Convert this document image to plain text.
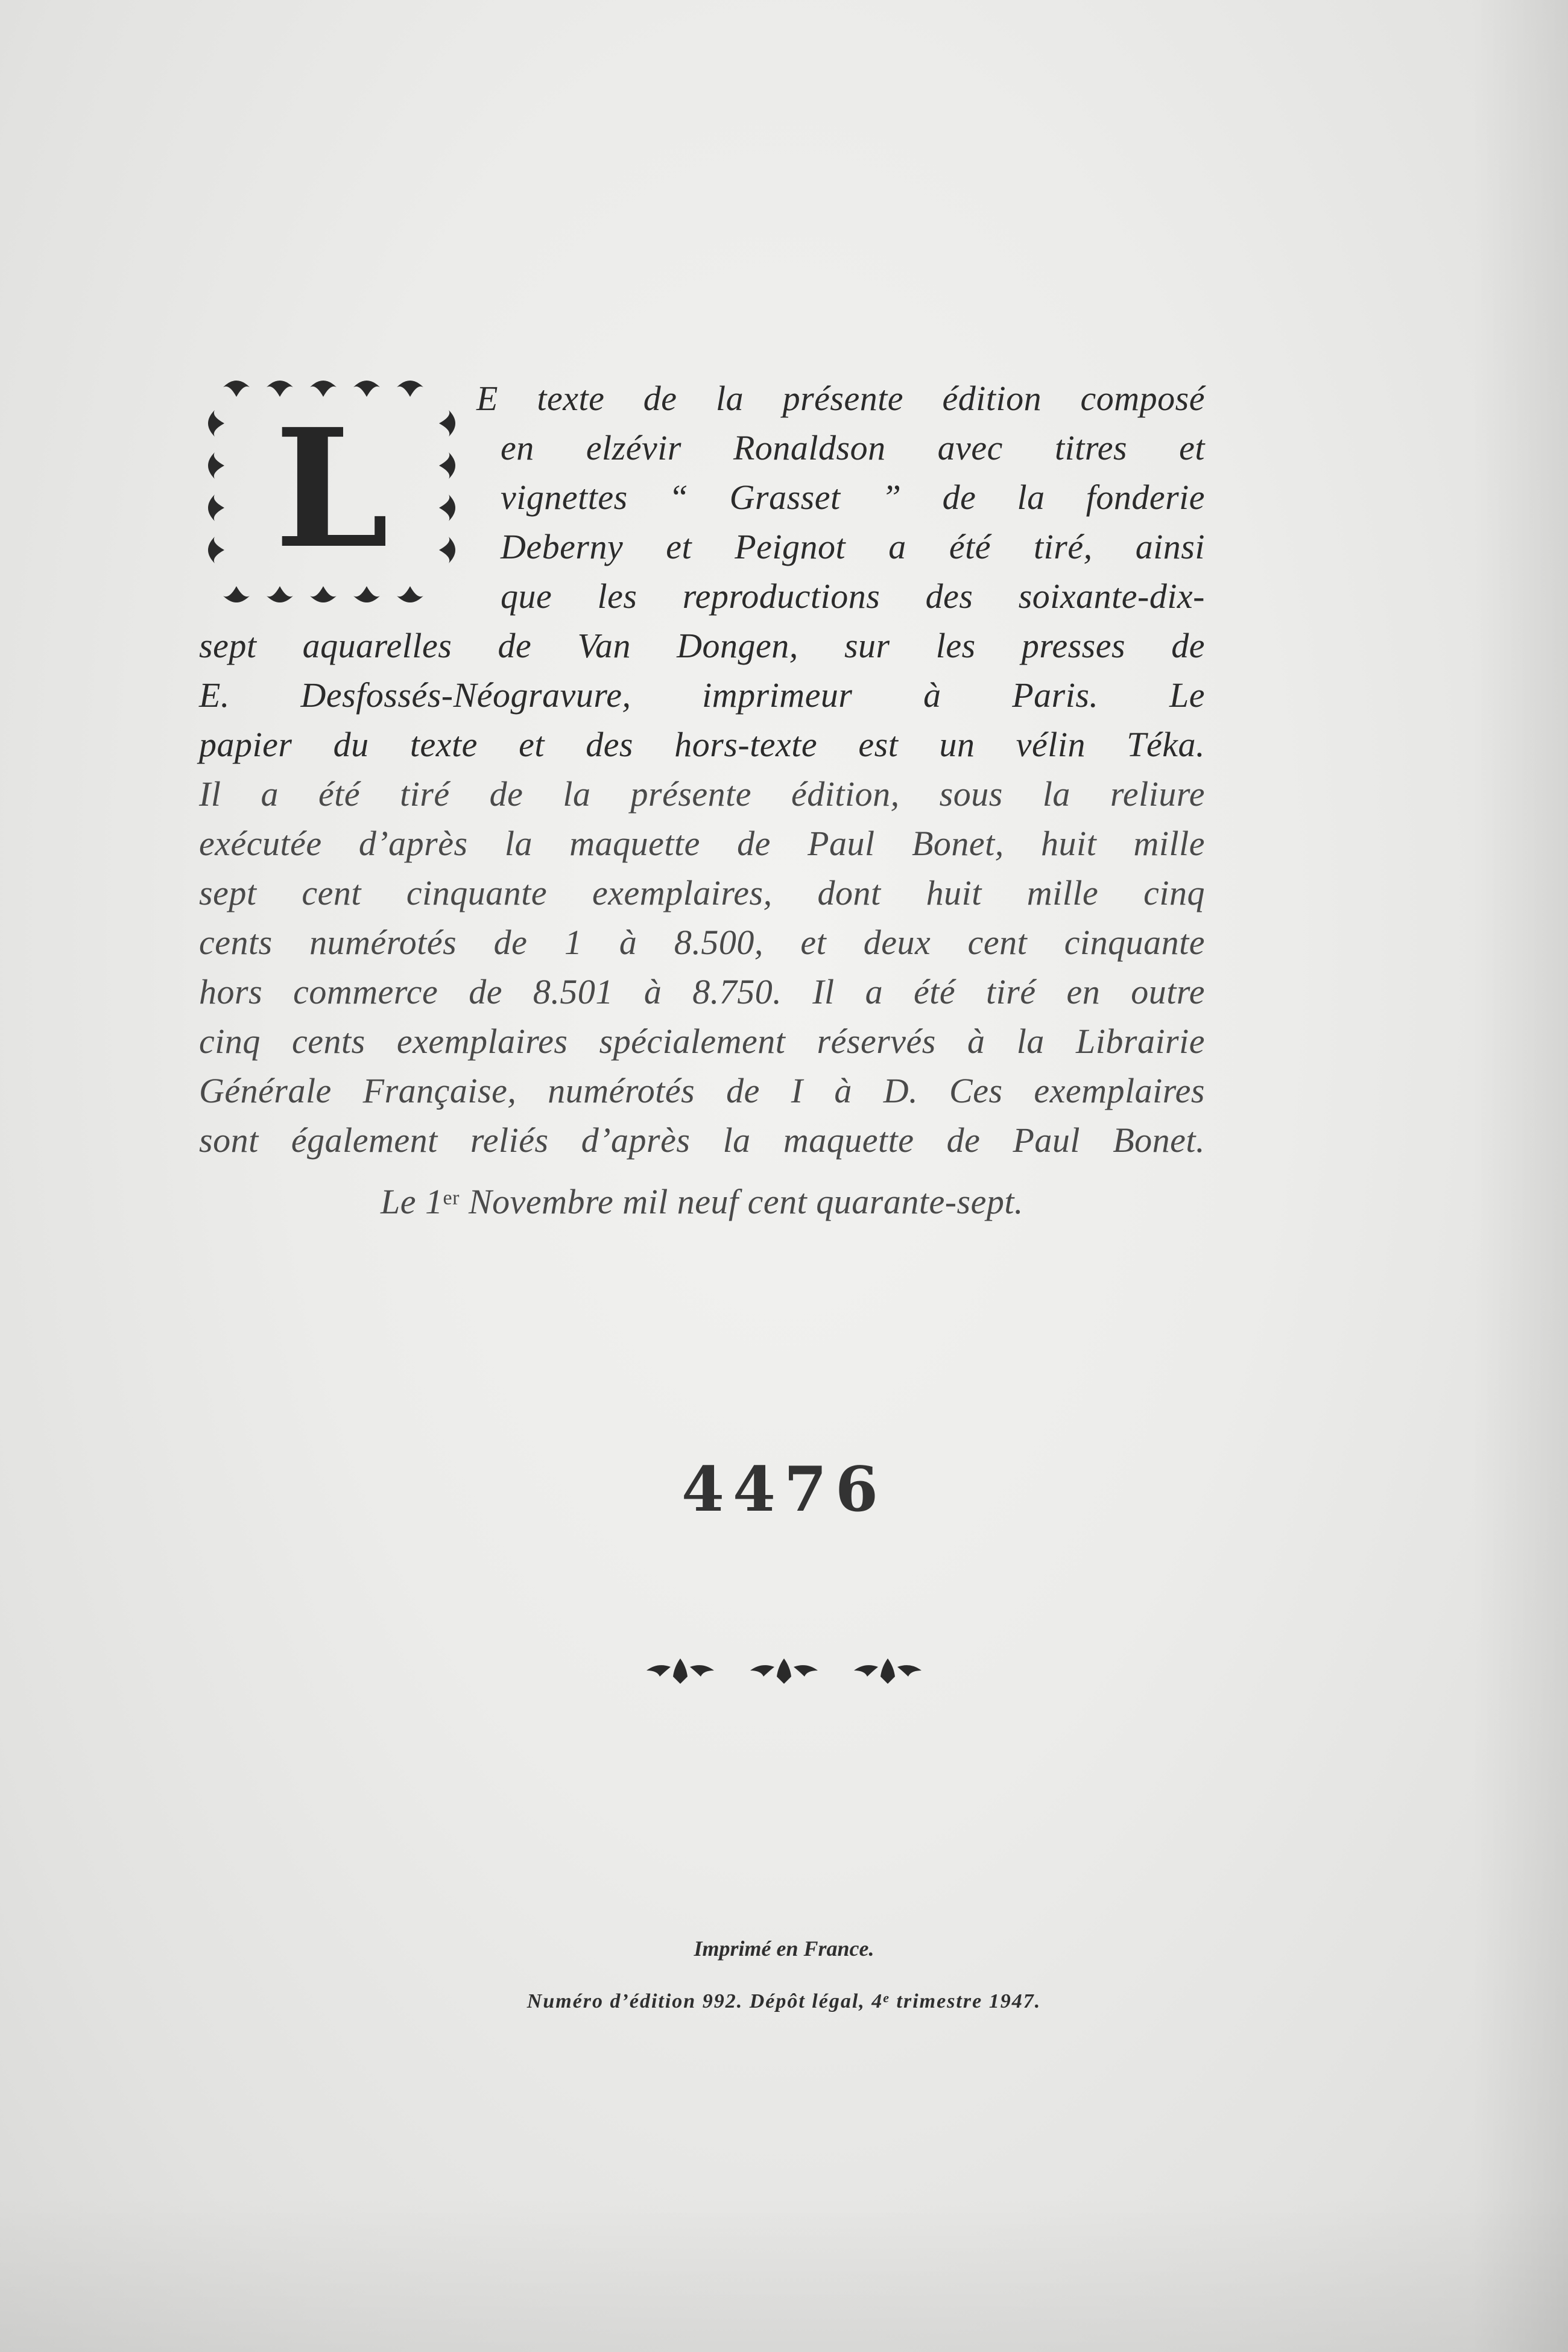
L	E texte de la présente édition composé
en elzévir Ronaldson avec titres et
vignettes “ Grasset ” de la fonderie
Deberny et Peignot a été tiré, ainsi
que les reproductions des soixante-dix-
sept aquarelles de Van Dongen, sur les presses de
E. Desfossés-Néogravure, imprimeur à Paris. Le
papier du texte et des hors-texte est un vélin Téka.
Il a été tiré de la présente édition, sous la reliure
exécutée d’après la maquette de Paul Bonet, huit mille
sept cent cinquante exemplaires, dont huit mille cinq
cents numérotés de 1 à 8.500, et deux cent cinquante
hors commerce de 8.501 à 8.750. Il a été tiré en outre
cinq cents exemplaires spécialement réservés à la Librairie
Générale Française, numérotés de I à D. Ces exemplaires
sont également reliés d’après la maquette de Paul Bonet.
Le 1er Novembre mil neuf cent quarante-sept.
4476

Imprimé en France.
Numéro d’édition 992. Dépôt légal, 4e trimestre 1947.
